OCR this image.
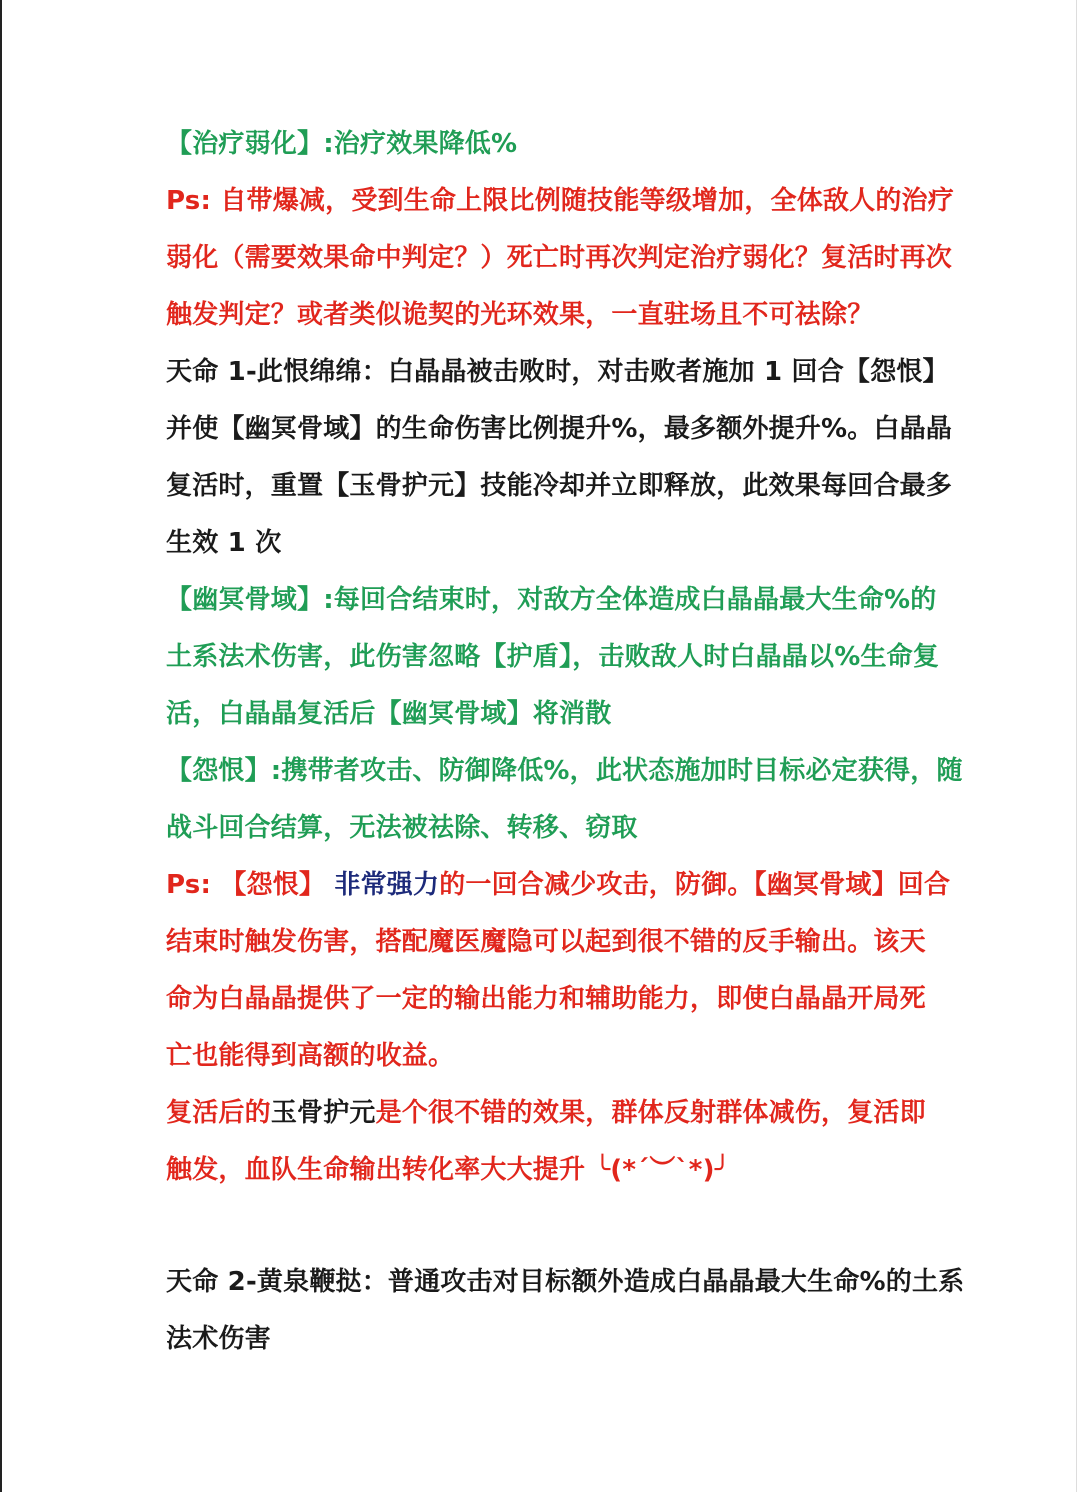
【治疗弱化】:治疗效果降低%
Ps: 自带爆减，受到生命上限比例随技能等级增加，全体敌人的治疗
弱化（需要效果命中判定？）死亡时再次判定治疗弱化？复活时再次
触发判定？或者类似诡契的光环效果，一直驻场且不可祛除？
天命 1-此恨绵绵：白晶晶被击败时，对击败者施加 1 回合【怨恨】
并使【幽冥骨域】的生命伤害比例提升%，最多额外提升%。白晶晶
复活时，重置【玉骨护元】技能冷却并立即释放，此效果每回合最多
生效 1 次
【幽冥骨域】:每回合结束时，对敌方全体造成白晶晶最大生命%的
土系法术伤害，此伤害忽略【护盾】，击败敌人时白晶晶以%生命复
活，白晶晶复活后【幽冥骨域】将消散
【怨恨】:携带者攻击、防御降低%，此状态施加时目标必定获得，随
战斗回合结算，无法被祛除、转移、窃取
Ps: 【怨恨】 非常强力的一回合减少攻击，防御。【幽冥骨域】回合
结束时触发伤害，搭配魔医魔隐可以起到很不错的反手输出。该天
命为白晶晶提供了一定的输出能力和辅助能力，即使白晶晶开局死
亡也能得到高额的收益。
复活后的玉骨护元是个很不错的效果，群体反射群体减伤，复活即
触发，血队生命输出转化率大大提升 ╰(*´︶`*)╯
天命 2-黄泉鞭挞：普通攻击对目标额外造成白晶晶最大生命%的土系
法术伤害
